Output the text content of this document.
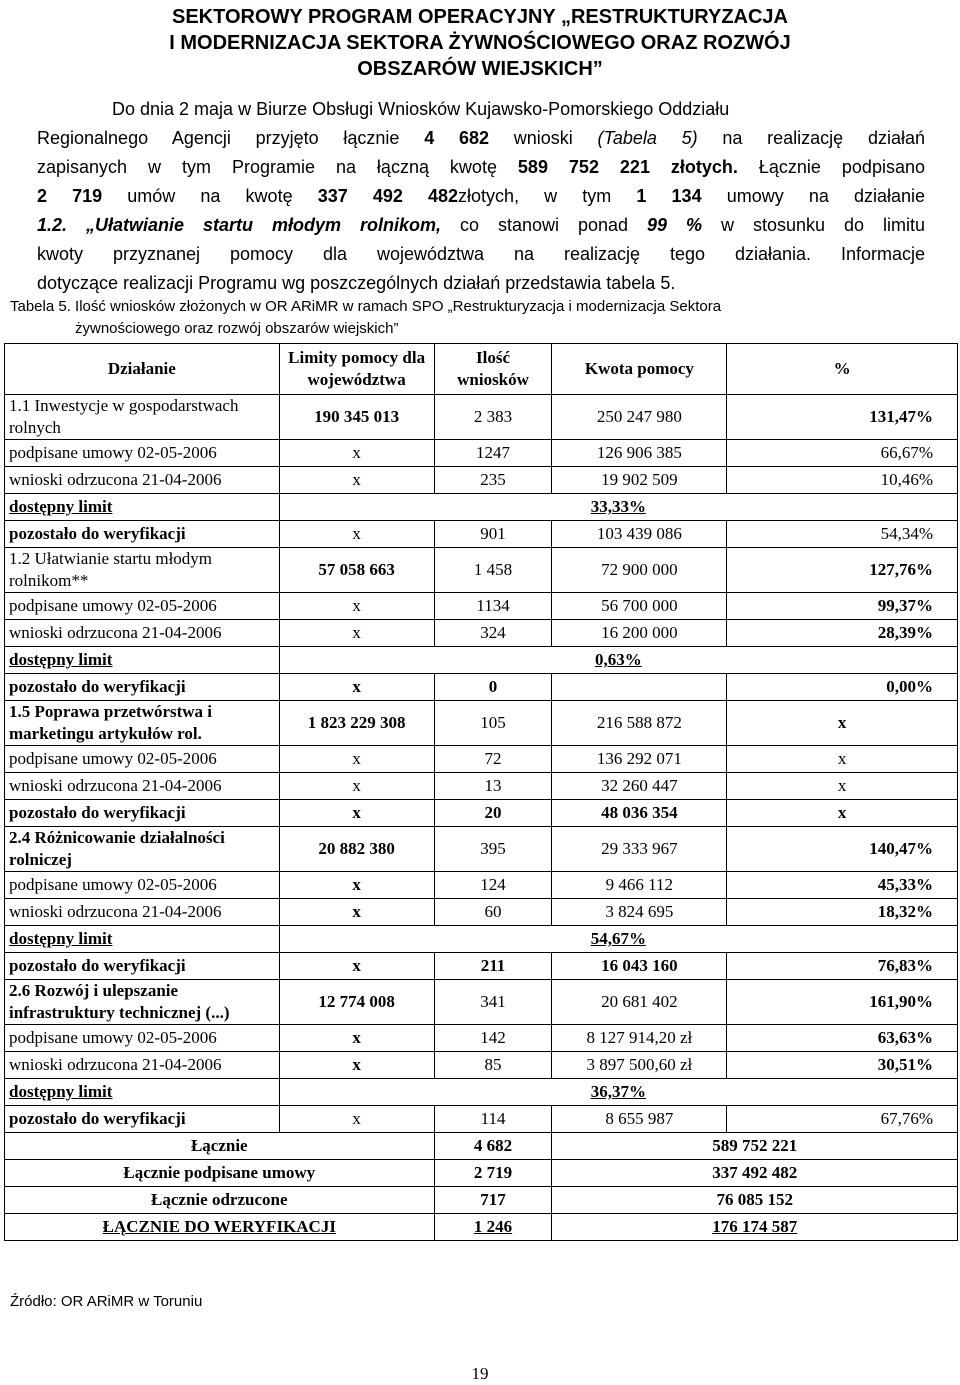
SEKTOROWY PROGRAM OPERACYJNY „RESTRUKTURYZACJA
I MODERNIZACJA SEKTORA ŻYWNOŚCIOWEGO ORAZ ROZWÓJ
OBSZARÓW WIEJSKICH”
Do dnia 2 maja w Biurze Obsługi Wniosków Kujawsko-Pomorskiego Oddziału
Regionalnego Agencji przyjęto łącznie 4 682 wnioski (Tabela 5) na realizację działań
zapisanych w tym Programie na łączną kwotę 589 752 221 złotych. Łącznie podpisano
2 719 umów na kwotę 337 492 482złotych, w tym 1 134 umowy na działanie
1.2. „Ułatwianie startu młodym rolnikom, co stanowi ponad 99 % w stosunku do limitu
kwoty przyznanej pomocy dla województwa na realizację tego działania. Informacje
dotyczące realizacji Programu wg poszczególnych działań przedstawia tabela 5.
Tabela 5. Ilość wniosków złożonych w OR ARiMR w ramach SPO „Restrukturyzacja i modernizacja Sektora
żywnościowego oraz rozwój obszarów wiejskich”
Działanie	Limity pomocy dla województwa	Ilość wniosków	Kwota pomocy	%
1.1 Inwestycje w gospodarstwach rolnych	190 345 013	2 383	250 247 980	131,47%
podpisane umowy 02-05-2006	x	1247	126 906 385	66,67%
wnioski odrzucona 21-04-2006	x	235	19 902 509	10,46%
dostępny limit	33,33%			
pozostało do weryfikacji	x	901	103 439 086	54,34%
1.2 Ułatwianie startu młodym rolnikom**	57 058 663	1 458	72 900 000	127,76%
podpisane umowy 02-05-2006	x	1134	56 700 000	99,37%
wnioski odrzucona 21-04-2006	x	324	16 200 000	28,39%
dostępny limit	0,63%			
pozostało do weryfikacji	x	0		0,00%
1.5 Poprawa przetwórstwa i marketingu artykułów rol.	1 823 229 308	105	216 588 872	x
podpisane umowy 02-05-2006	x	72	136 292 071	x
wnioski odrzucona 21-04-2006	x	13	32 260 447	x
pozostało do weryfikacji	x	20	48 036 354	x
2.4 Różnicowanie działalności rolniczej	20 882 380	395	29 333 967	140,47%
podpisane umowy 02-05-2006	x	124	9 466 112	45,33%
wnioski odrzucona 21-04-2006	x	60	3 824 695	18,32%
dostępny limit	54,67%			
pozostało do weryfikacji	x	211	16 043 160	76,83%
2.6 Rozwój i ulepszanie infrastruktury technicznej (...)	12 774 008	341	20 681 402	161,90%
podpisane umowy 02-05-2006	x	142	8 127 914,20 zł	63,63%
wnioski odrzucona 21-04-2006	x	85	3 897 500,60 zł	30,51%
dostępny limit	36,37%			
pozostało do weryfikacji	x	114	8 655 987	67,76%
Łącznie		4 682	589 752 221	
Łącznie podpisane umowy		2 719	337 492 482	
Łącznie odrzucone		717	76 085 152	
ŁĄCZNIE DO WERYFIKACJI		1 246	176 174 587	
Źródło: OR ARiMR w Toruniu
19
